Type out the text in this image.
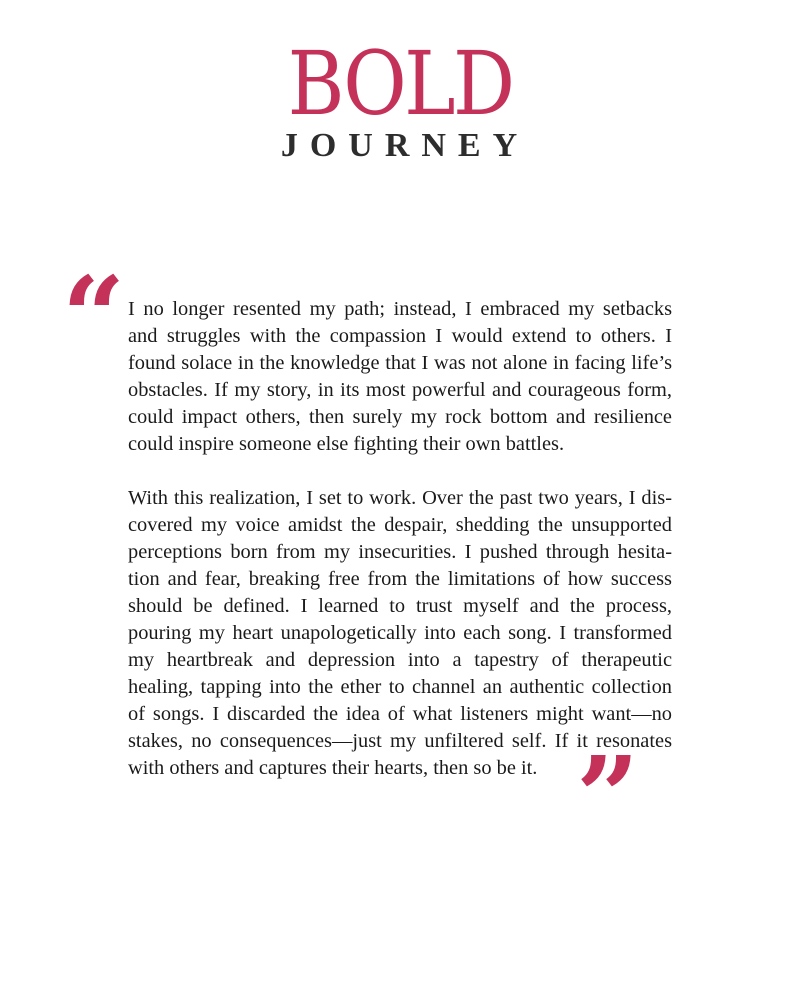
BOLD
JOURNEY
“ I no longer resented my path; instead, I embraced my setbacks
and struggles with the compassion I would extend to others. I
found solace in the knowledge that I was not alone in facing life’s
obstacles. If my story, in its most powerful and courageous form,
could impact others, then surely my rock bottom and resilience
could inspire someone else fighting their own battles.

With this realization, I set to work. Over the past two years, I dis-
covered my voice amidst the despair, shedding the unsupported
perceptions born from my insecurities. I pushed through hesita-
tion and fear, breaking free from the limitations of how success
should be defined. I learned to trust myself and the process,
pouring my heart unapologetically into each song. I transformed
my heartbreak and depression into a tapestry of therapeutic
healing, tapping into the ether to channel an authentic collection
of songs. I discarded the idea of what listeners might want—no
stakes, no consequences—just my unfiltered self. If it resonates
with others and captures their hearts, then so be it. ”
